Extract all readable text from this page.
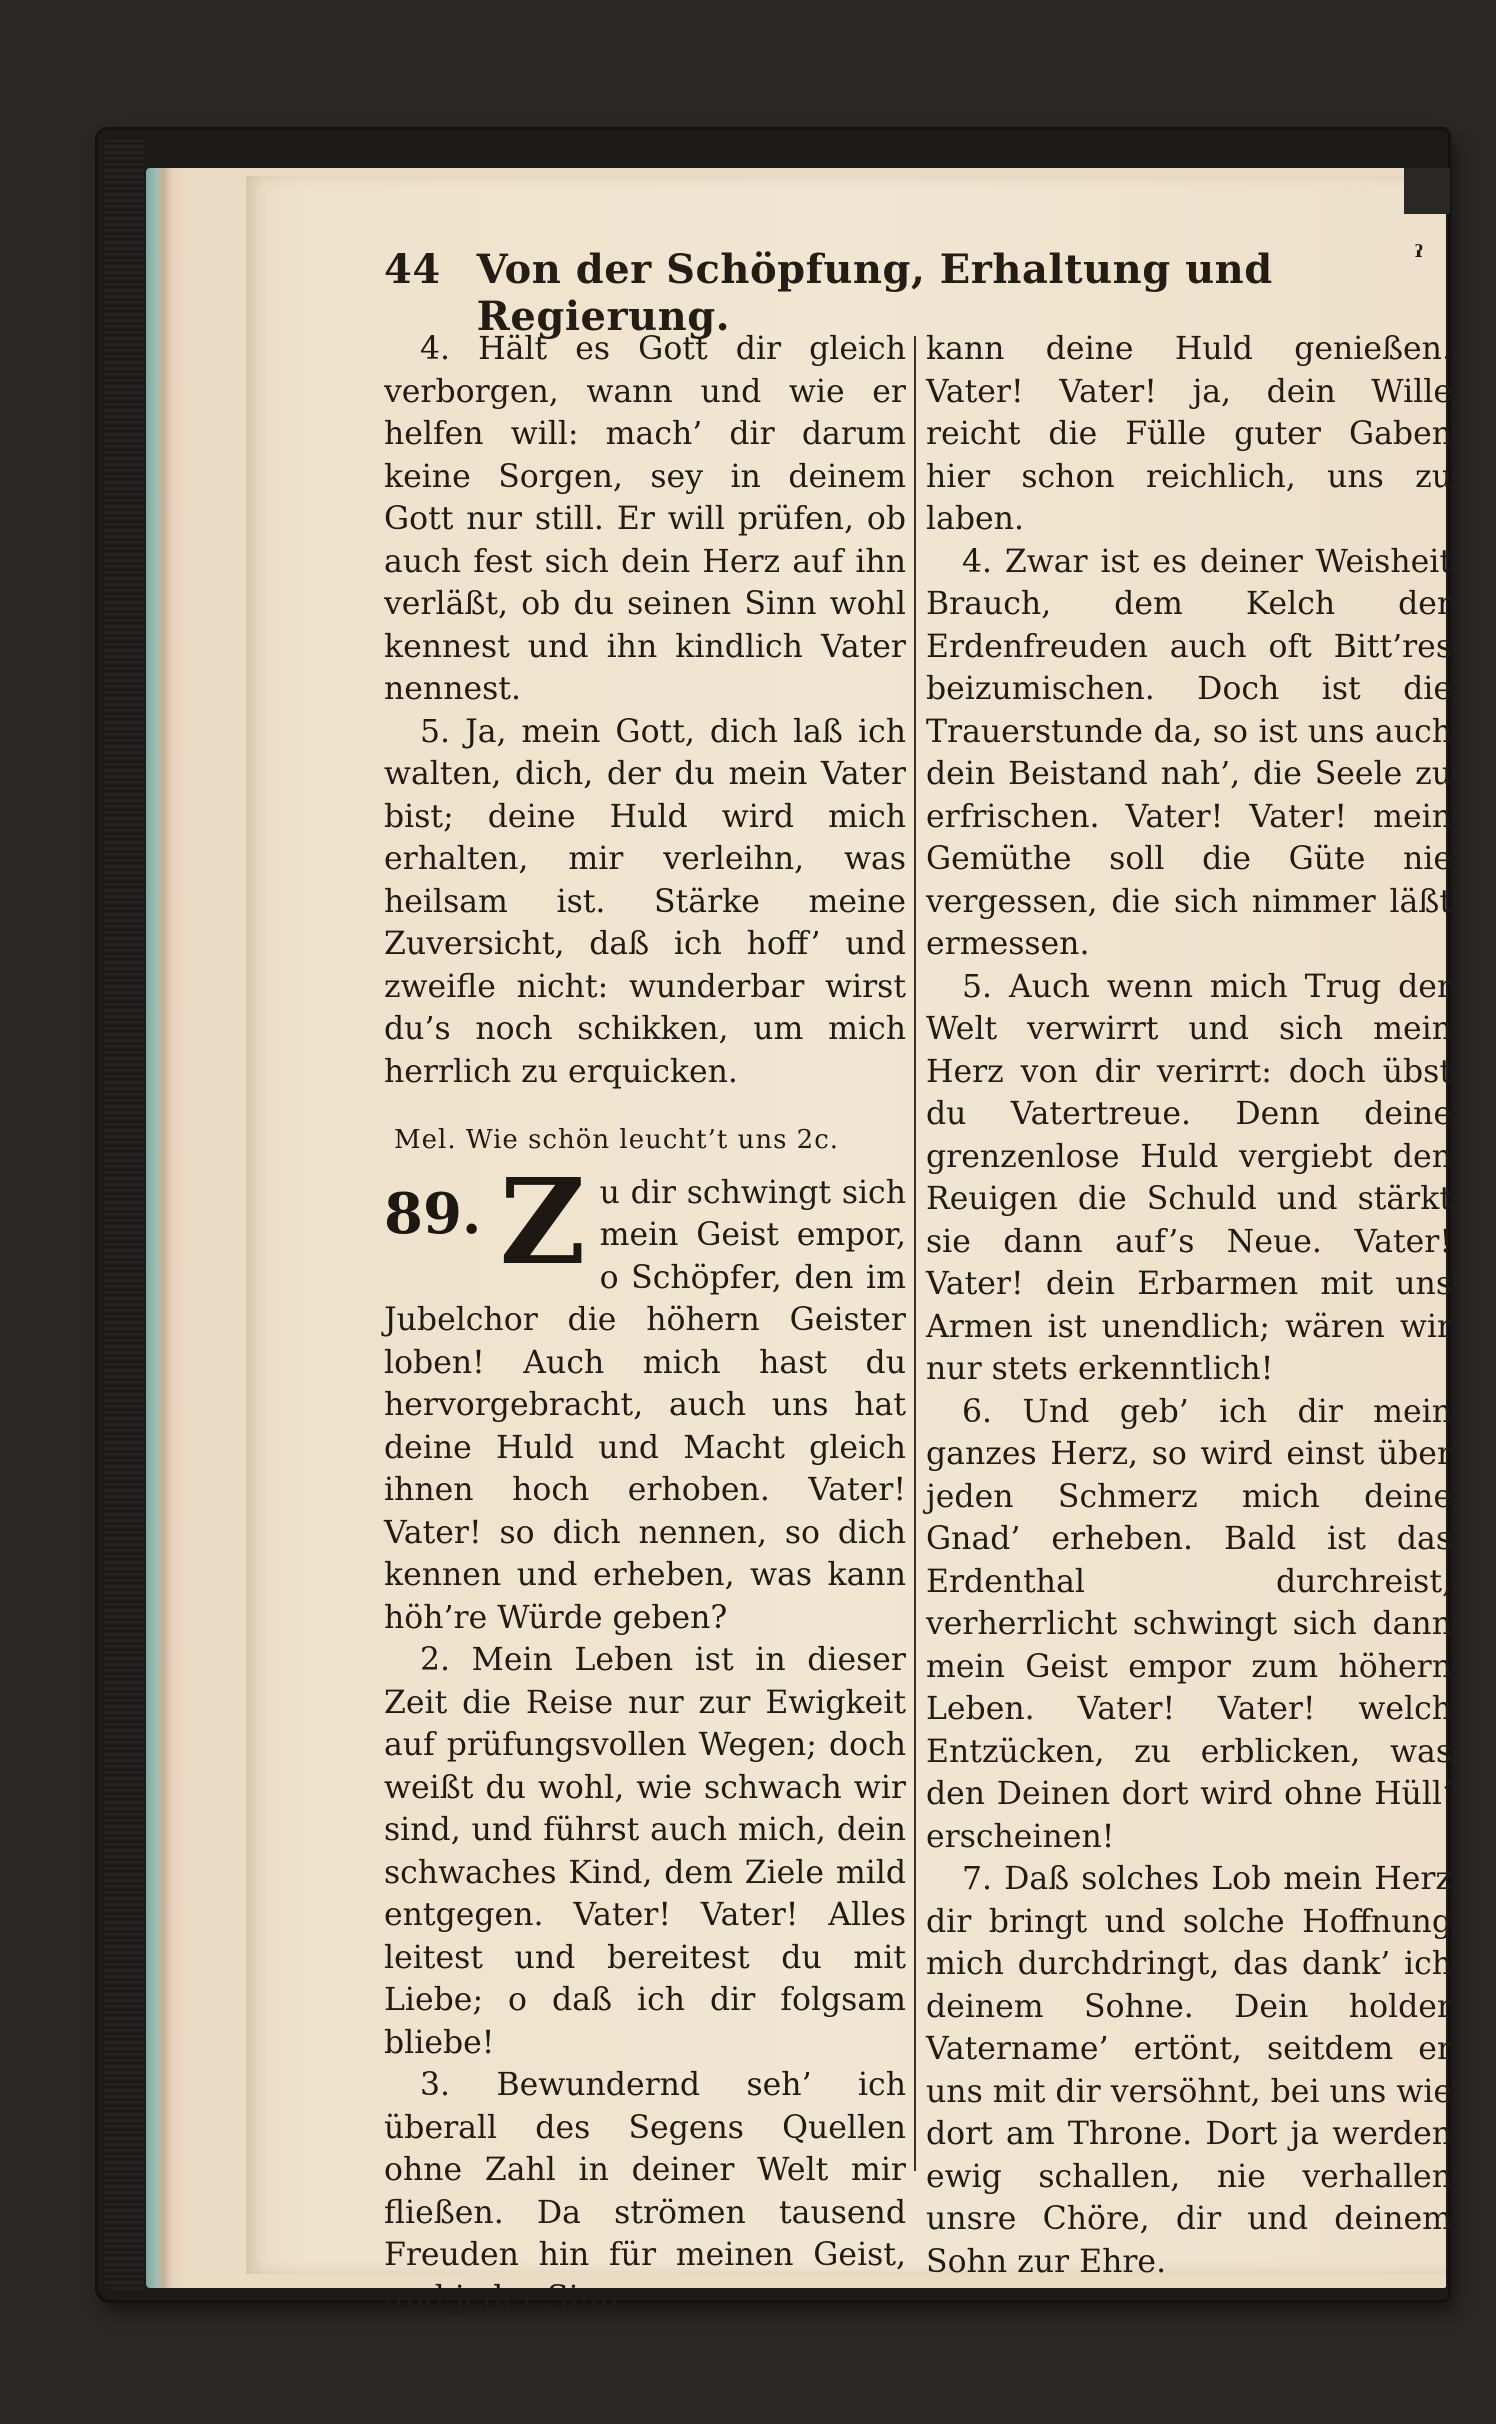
44 Von der Schöpfung, Erhaltung und Regierung.
ˀ

4. Hält es Gott dir gleich verborgen, wann und wie er helfen will: mach’ dir darum keine Sorgen, sey in deinem Gott nur still. Er will prüfen, ob auch fest sich dein Herz auf ihn verläßt, ob du seinen Sinn wohl kennest und ihn kindlich Vater nennest.

5. Ja, mein Gott, dich laß ich walten, dich, der du mein Vater bist; deine Huld wird mich erhalten, mir verleihn, was heilsam ist. Stärke meine Zuversicht, daß ich hoff’ und zweifle nicht: wunderbar wirst du’s noch schikken, um mich herrlich zu erquicken.

Mel. Wie schön leucht’t uns 2c.

89. Z u dir schwingt sich mein Geist empor, o Schöpfer, den im Jubelchor die höhern Geister loben! Auch mich hast du hervorgebracht, auch uns hat deine Huld und Macht gleich ihnen hoch erhoben. Vater! Vater! so dich nennen, so dich kennen und erheben, was kann höh’re Würde geben?

2. Mein Leben ist in dieser Zeit die Reise nur zur Ewigkeit auf prüfungsvollen Wegen; doch weißt du wohl, wie schwach wir sind, und führst auch mich, dein schwaches Kind, dem Ziele mild entgegen. Vater! Vater! Alles leitest und bereitest du mit Liebe; o daß ich dir folgsam bliebe!

3. Bewundernd seh’ ich überall des Segens Quellen ohne Zahl in deiner Welt mir fließen. Da strömen tausend Freuden hin für meinen Geist, und jeder Sinn

kann deine Huld genießen. Vater! Vater! ja, dein Wille reicht die Fülle guter Gaben hier schon reichlich, uns zu laben.

4. Zwar ist es deiner Weisheit Brauch, dem Kelch der Erdenfreuden auch oft Bitt’res beizumischen. Doch ist die Trauerstunde da, so ist uns auch dein Beistand nah’, die Seele zu erfrischen. Vater! Vater! mein Gemüthe soll die Güte nie vergessen, die sich nimmer läßt ermessen.

5. Auch wenn mich Trug der Welt verwirrt und sich mein Herz von dir verirrt: doch übst du Vatertreue. Denn deine grenzenlose Huld vergiebt den Reuigen die Schuld und stärkt sie dann auf’s Neue. Vater! Vater! dein Erbarmen mit uns Armen ist unendlich; wären wir nur stets erkenntlich!

6. Und geb’ ich dir mein ganzes Herz, so wird einst über jeden Schmerz mich deine Gnad’ erheben. Bald ist das Erdenthal durchreist, verherrlicht schwingt sich dann mein Geist empor zum höhern Leben. Vater! Vater! welch Entzücken, zu erblicken, was den Deinen dort wird ohne Hüll’ erscheinen!

7. Daß solches Lob mein Herz dir bringt und solche Hoffnung mich durchdringt, das dank’ ich deinem Sohne. Dein holder Vatername’ ertönt, seitdem er uns mit dir versöhnt, bei uns wie dort am Throne. Dort ja werden ewig schallen, nie verhallen unsre Chöre, dir und deinem Sohn zur Ehre.
